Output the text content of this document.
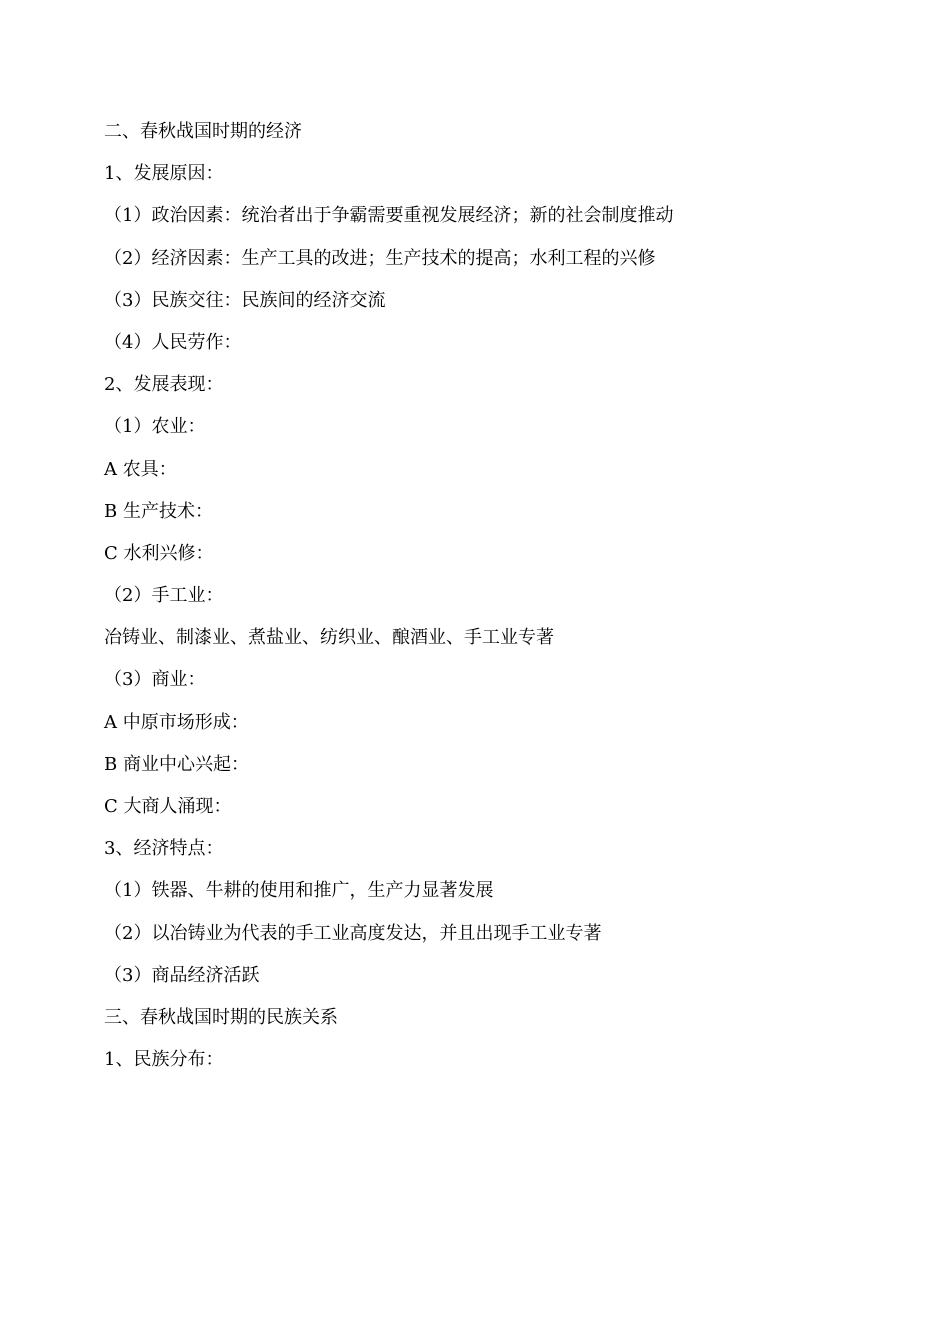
二、春秋战国时期的经济

1、发展原因：

（1）政治因素：统治者出于争霸需要重视发展经济；新的社会制度推动

（2）经济因素：生产工具的改进；生产技术的提高；水利工程的兴修

（3）民族交往：民族间的经济交流

（4）人民劳作：

2、发展表现：

（1）农业：

A 农具：

B 生产技术：

C 水利兴修：

（2）手工业：

冶铸业、制漆业、煮盐业、纺织业、酿酒业、手工业专著

（3）商业：

A 中原市场形成：

B 商业中心兴起：

C 大商人涌现：

3、经济特点：

（1）铁器、牛耕的使用和推广，生产力显著发展

（2）以冶铸业为代表的手工业高度发达，并且出现手工业专著

（3）商品经济活跃

三、春秋战国时期的民族关系

1、民族分布：
